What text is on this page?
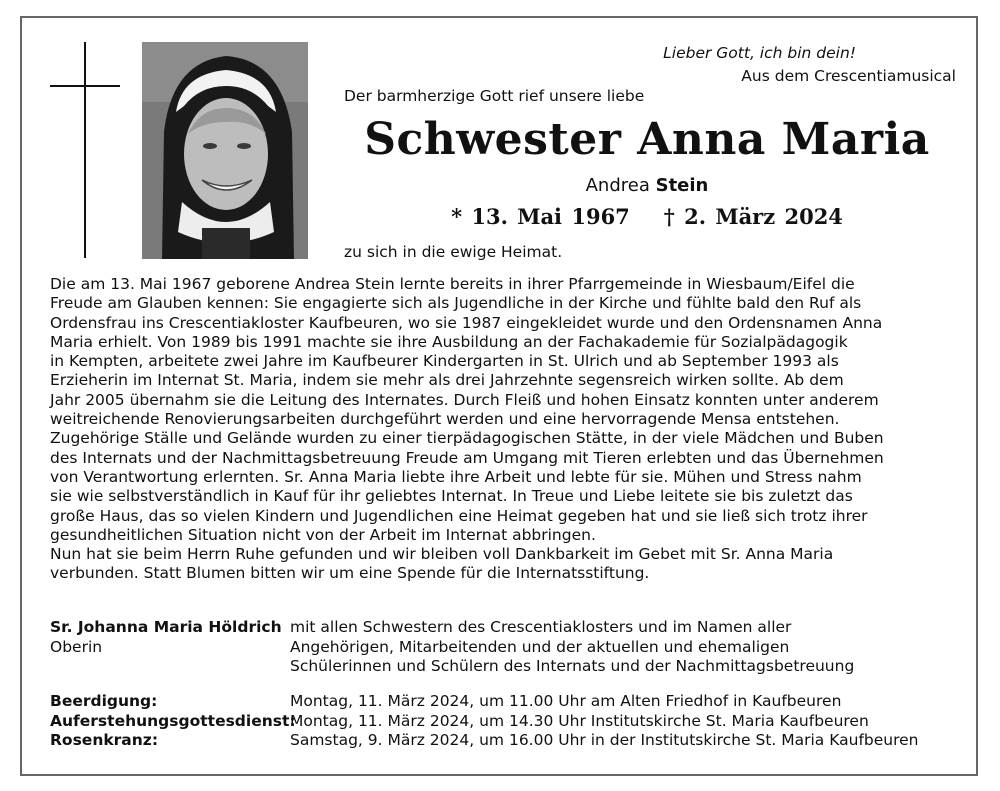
Lieber Gott, ich bin dein!
Aus dem Crescentiamusical
Der barmherzige Gott rief unsere liebe
Schwester Anna Maria
Andrea Stein
* 13. Mai 1967 † 2. März 2024
zu sich in die ewige Heimat.
Die am 13. Mai 1967 geborene Andrea Stein lernte bereits in ihrer Pfarrgemeinde in Wiesbaum/Eifel die
Freude am Glauben kennen: Sie engagierte sich als Jugendliche in der Kirche und fühlte bald den Ruf als
Ordensfrau ins Crescentiakloster Kaufbeuren, wo sie 1987 eingekleidet wurde und den Ordensnamen Anna
Maria erhielt. Von 1989 bis 1991 machte sie ihre Ausbildung an der Fachakademie für Sozialpädagogik
in Kempten, arbeitete zwei Jahre im Kaufbeurer Kindergarten in St. Ulrich und ab September 1993 als
Erzieherin im Internat St. Maria, indem sie mehr als drei Jahrzehnte segensreich wirken sollte. Ab dem
Jahr 2005 übernahm sie die Leitung des Internates. Durch Fleiß und hohen Einsatz konnten unter anderem
weitreichende Renovierungsarbeiten durchgeführt werden und eine hervorragende Mensa entstehen.
Zugehörige Ställe und Gelände wurden zu einer tierpädagogischen Stätte, in der viele Mädchen und Buben
des Internats und der Nachmittagsbetreuung Freude am Umgang mit Tieren erlebten und das Übernehmen
von Verantwortung erlernten. Sr. Anna Maria liebte ihre Arbeit und lebte für sie. Mühen und Stress nahm
sie wie selbstverständlich in Kauf für ihr geliebtes Internat. In Treue und Liebe leitete sie bis zuletzt das
große Haus, das so vielen Kindern und Jugendlichen eine Heimat gegeben hat und sie ließ sich trotz ihrer
gesundheitlichen Situation nicht von der Arbeit im Internat abbringen.
Nun hat sie beim Herrn Ruhe gefunden und wir bleiben voll Dankbarkeit im Gebet mit Sr. Anna Maria
verbunden. Statt Blumen bitten wir um eine Spende für die Internatsstiftung.
Sr. Johanna Maria Höldrich
Oberin
mit allen Schwestern des Crescentiaklosters und im Namen aller
Angehörigen, Mitarbeitenden und der aktuellen und ehemaligen
Schülerinnen und Schülern des Internats und der Nachmittagsbetreuung
Beerdigung:	Montag, 11. März 2024, um 11.00 Uhr am Alten Friedhof in Kaufbeuren
Auferstehungsgottesdienst:
Montag, 11. März 2024, um 14.30 Uhr Institutskirche St. Maria Kaufbeuren
Rosenkranz:	Samstag, 9. März 2024, um 16.00 Uhr in der Institutskirche St. Maria Kaufbeuren
